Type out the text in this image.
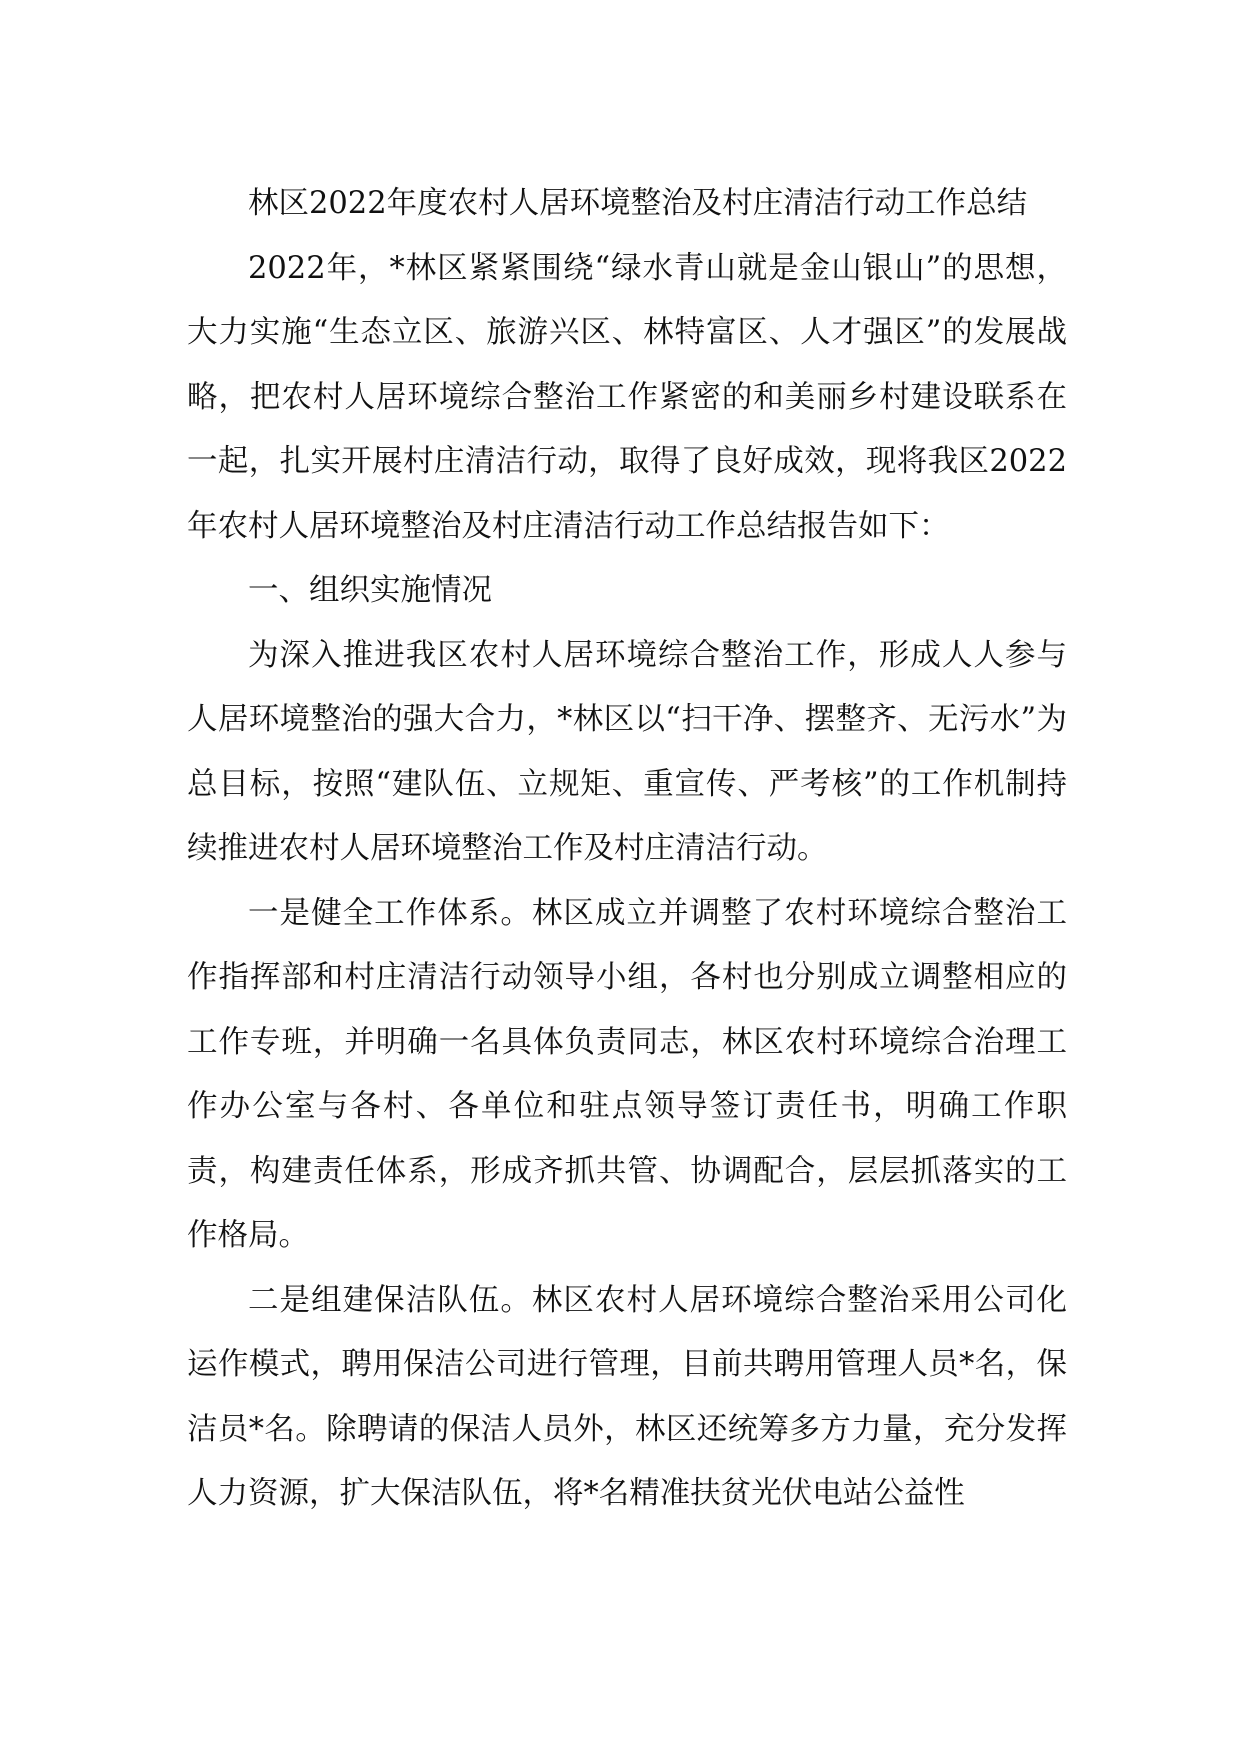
林区2022年度农村人居环境整治及村庄清洁行动工作总结

2022年，*林区紧紧围绕“绿水青山就是金山银山”的思想，大力实施“生态立区、旅游兴区、林特富区、人才强区”的发展战略，把农村人居环境综合整治工作紧密的和美丽乡村建设联系在一起，扎实开展村庄清洁行动，取得了良好成效，现将我区2022年农村人居环境整治及村庄清洁行动工作总结报告如下：

一、组织实施情况

为深入推进我区农村人居环境综合整治工作，形成人人参与人居环境整治的强大合力，*林区以“扫干净、摆整齐、无污水”为总目标，按照“建队伍、立规矩、重宣传、严考核”的工作机制持续推进农村人居环境整治工作及村庄清洁行动。

一是健全工作体系。林区成立并调整了农村环境综合整治工作指挥部和村庄清洁行动领导小组，各村也分别成立调整相应的工作专班，并明确一名具体负责同志，林区农村环境综合治理工作办公室与各村、各单位和驻点领导签订责任书，明确工作职责，构建责任体系，形成齐抓共管、协调配合，层层抓落实的工作格局。

二是组建保洁队伍。林区农村人居环境综合整治采用公司化运作模式，聘用保洁公司进行管理，目前共聘用管理人员*名，保洁员*名。除聘请的保洁人员外，林区还统筹多方力量，充分发挥人力资源，扩大保洁队伍，将*名精准扶贫光伏电站公益性
